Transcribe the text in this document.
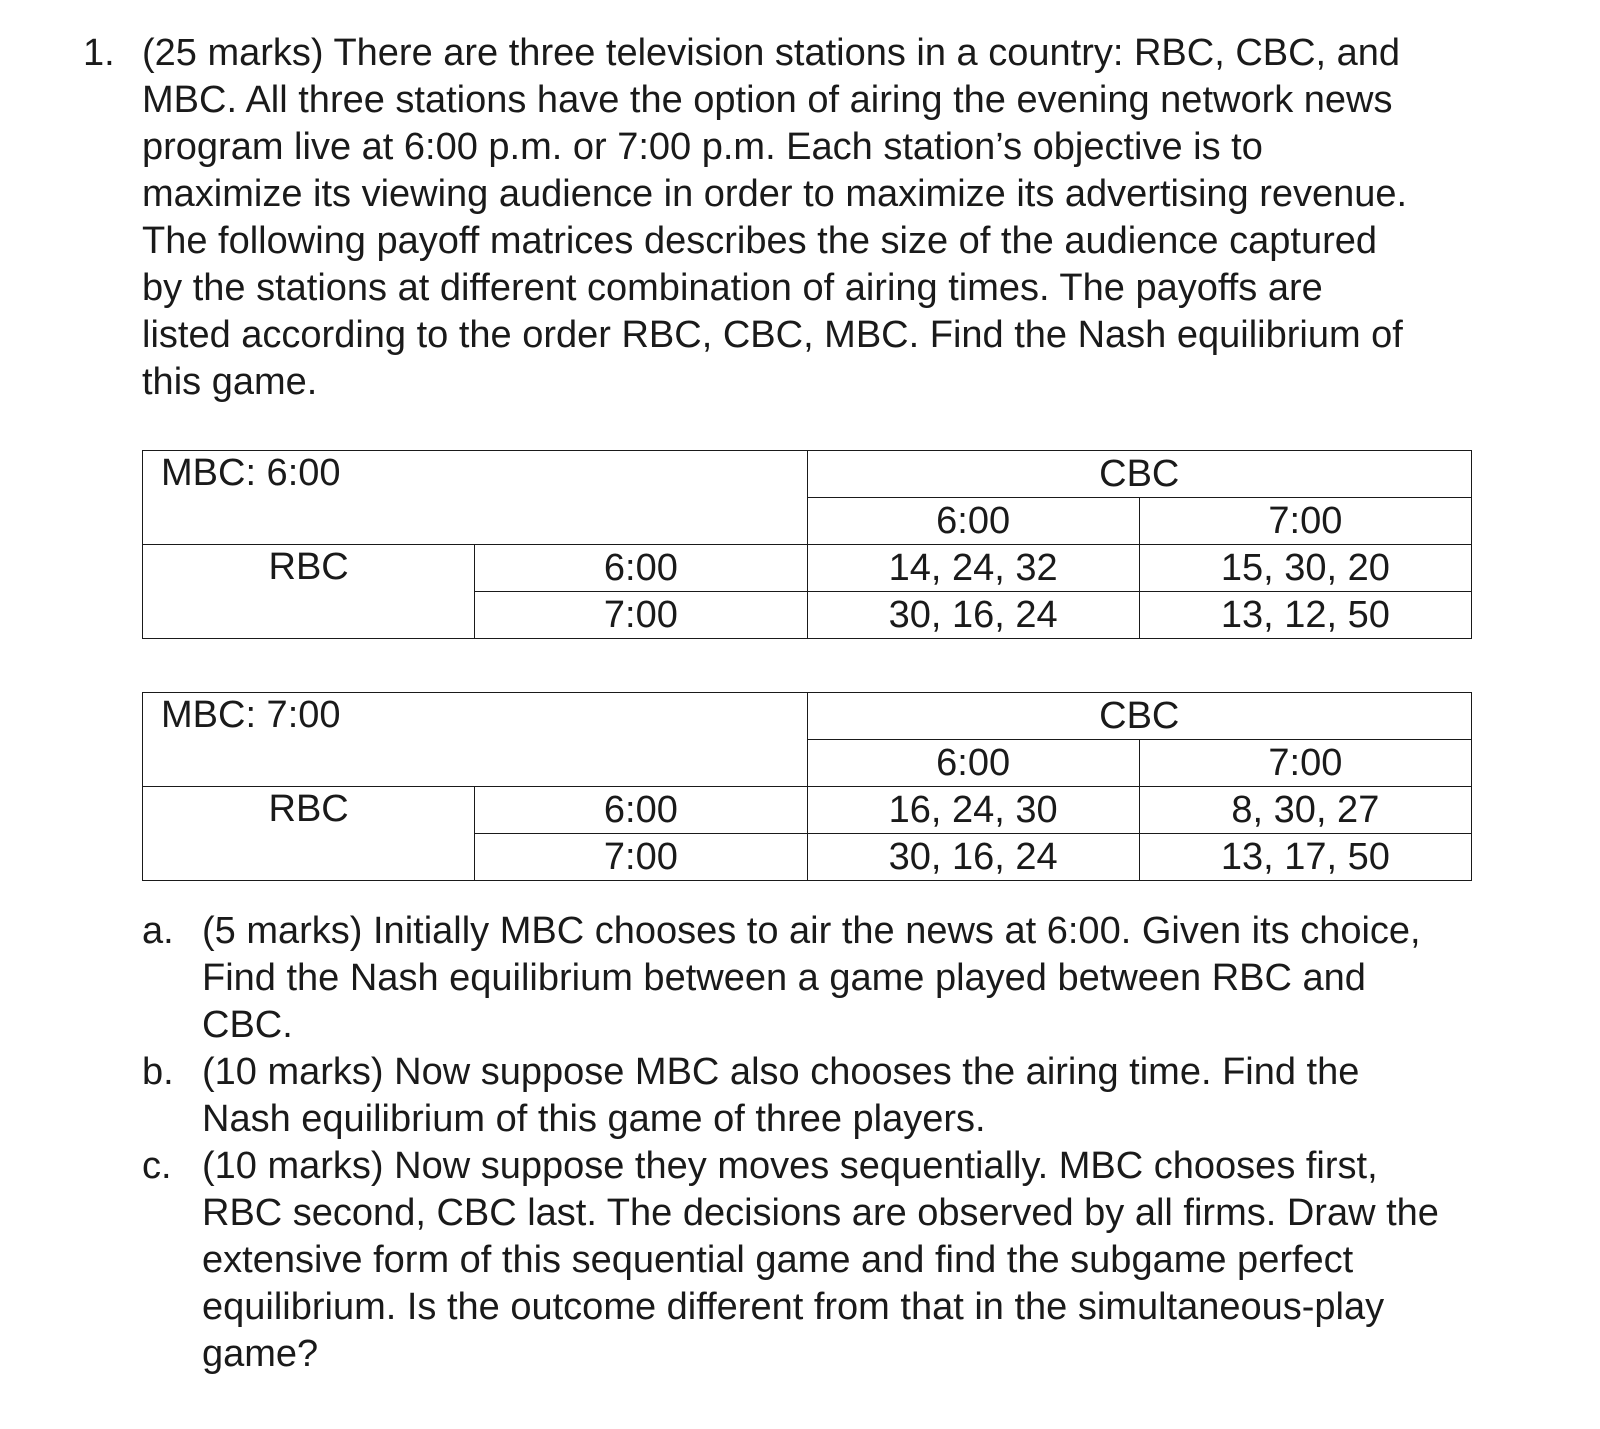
1. (25 marks) There are three television stations in a country: RBC, CBC, and
MBC. All three stations have the option of airing the evening network news
program live at 6:00 p.m. or 7:00 p.m. Each station’s objective is to
maximize its viewing audience in order to maximize its advertising revenue.
The following payoff matrices describes the size of the audience captured
by the stations at different combination of airing times. The payoffs are
listed according to the order RBC, CBC, MBC. Find the Nash equilibrium of
this game.
MBC: 6:00		CBC	
		6:00	7:00
RBC	6:00	14, 24, 32	15, 30, 20
	7:00	30, 16, 24	13, 12, 50
MBC: 7:00		CBC	
		6:00	7:00
RBC	6:00	16, 24, 30	8, 30, 27
	7:00	30, 16, 24	13, 17, 50
a. (5 marks) Initially MBC chooses to air the news at 6:00. Given its choice,
Find the Nash equilibrium between a game played between RBC and
CBC.
b. (10 marks) Now suppose MBC also chooses the airing time. Find the
Nash equilibrium of this game of three players.
c. (10 marks) Now suppose they moves sequentially. MBC chooses first,
RBC second, CBC last. The decisions are observed by all firms. Draw the
extensive form of this sequential game and find the subgame perfect
equilibrium. Is the outcome different from that in the simultaneous-play
game?
